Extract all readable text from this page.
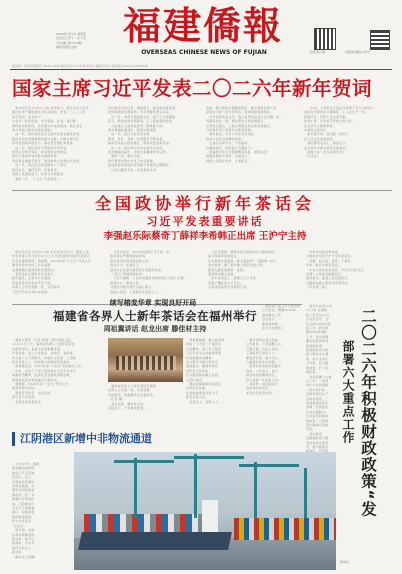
2026年1月2日 星期五
农历乙巳年十一月十四
今日8版 第7178期
福建侨报社出版	福建僑報
OVERSEAS CHINESE NEWS OF FUJIAN	侨报客户端	侨报网 微信公众号
国内统一连续出版物号 CN35-0050 邮发代号33-76 海外发行 福建日报社 新闻热线 0591-87095216
国家主席习近平发表二〇二六年新年贺词
　新华社北京12月31日电 新年前夕，国家主席习近平
通过中央广播电视总台和互联网，发表了二〇二六年
新年贺词。全文如下：
大家好！时光流转，岁序更新。此刻，我们既
满怀收获的喜悦，也充满对未来的期待。我从北京
向大家致以新年的美好祝福！
　这一年，我们的社会主义现代化事业蹄疾步稳，
经济社会发展取得新的重大成就。中国式现代化
和科技创新持续发力，高质量发展扎实推进。
　这一年，我们坚定不移推进改革开放，
经济运行稳中有进，就业物价总体稳定。
我们以更加开放的姿态拥抱世界，
同世界各国携手同行，推动构建人类命运共同体。
　这一年，我们纪念抗战胜利八十周年，
铭记历史，缅怀先烈，珍爱和平。
全国人民团结奋斗，共同书写新篇章。
　新的一年，“十五五”开局起步……
我们锚定目标任务，勇毅前行，推进高质量发展，
加快构建新发展格局，牢牢把握发展主动权。
　这一年，神舟飞船遨游太空，国产大飞机翱翔
蓝天，科技成果竞相涌现，人工智能蓬勃发展，
一大批重大工程建成投用，港珠澳大桥、
深中通道联通湾区，展现中国速度。
　这一年，我们办好民生实事，
教育、医疗、养老、托育服务不断完善，
城乡居民收入稳步增长，脱贫攻坚成果巩固。
　这一年，我们举办系列主场外交活动，
朋友圈越来越大，中国主张赢得更多认同。
　新的一年，新的出发。
我们要坚持稳中求进工作总基调，
推动经济实现质的有效提升和量的合理增长。
　让我们携起手来，共创美好未来！
香港、澳门保持长期繁荣稳定，融入国家发展大局。
祖国完全统一是大势所趋，两岸同胞血脉相亲。
　当今世界变乱交织，我们将坚定站在历史正确一边，
同国际社会一道，推动落实全球发展倡议、
全球安全倡议、全球文明倡议和全球治理倡议，
为世界和平与发展作出新的贡献。
　此时此刻，许多人仍在坚守岗位，
我向大家致以诚挚的问候！
　让我们以梦为马、不负韶华，
为强国建设、民族复兴不懈奋斗！
　祝福我们伟大的祖国繁荣昌盛、国泰民安！
祝愿世界和平美好、幸福安宁！
祝愿大家新年快乐、万事如意！
　一年来，大家用自己的奋斗诠释了平凡中的伟大。
农民在田间地头辛勤耕耘，工人在生产一线
挥洒汗水，科研人员攻坚克难，
快递小哥、外卖骑手穿梭大街小巷，
还有很多人默默奉献，
为美好生活奔忙。
　新年新气象。我们要一起努力，
让人民生活更加美好。
　我们要坚定信心，团结奋斗，
奋力谱写中国式现代化新篇章。
　谢谢大家！祝大家新年好！
（全文完）
全国政协举行新年茶话会
习近平发表重要讲话
李强赵乐际蔡奇丁薛祥李希韩正出席 王沪宁主持
　新华社北京12月31日电 中共中央总书记、国家主席
中央军委主席习近平31日上午出席全国政协新年茶话会
并发表重要讲话。他强调，2026年是“十五五”开局之年，
要坚持稳中求进工作总基调，
完整准确全面贯彻新发展理念。
　茶话会在全国政协礼堂举行。
新年临近，礼堂内灯光璀璨，
洋溢着喜庆祥和的节日气氛。
各界人士代表欢聚一堂，共迎新年。
习近平代表中共中央致辞。
　习近平指出，2025年是极不平凡的一年。
面对复杂严峻的国际环境，
我们团结带领全国各族人民，
顶住压力、迎难而上，
经济社会发展主要目标任务顺利完成，
“十四五”规划圆满收官。
　习近平强调，人民政协要坚持团结和民主两大主题，
围绕中心、服务大局，
为推进中国式现代化凝心聚力。
各民主党派、工商联和无党派人士……
　习近平强调，要坚持和发展新时代“枫桥经验”，
着力保障和改善民生，
扎实推进共同富裕。要全面贯彻“一国两制”方针，
支持香港、澳门更好融入国家发展大局。
要坚定推进祖国统一进程，
促进两岸融合发展。
　新年茶话会上，首都文艺工作者
表演了精彩的文艺节目。
全场洋溢着欢乐祥和的气氛。
　中共中央政治局常委、
全国政协主席王沪宁主持茶话会。
　李强、赵乐际、蔡奇、丁薛祥、
李希、韩正出席茶话会。
　中共中央政治局委员、中央书记处书记，
全国人大常委会副委员长，
国务委员，最高人民法院院长，
全国政协副主席等出席茶话会。
（详见第二版）
续写榕变华章 实现良好开局
福建省各界人士新年茶话会在福州举行
周祖翼讲话 赵龙出席 滕佳材主持
　福建日报讯（记者 郑璜）辞旧迎新之际，
12月31日上午，福建省各界人士新年茶话会
在福州举行。省委书记周祖翼讲话，
代表省委、省人大常委会、省政府、省政协，
向全省广大干部群众，向各民主党派、工商联
和无党派人士，向驻闽人民解放军指战员……
　周祖翼指出，2025年是“十四五”规划收官之年。
一年来，全省上下深入贯彻落实习近平总书记
重要讲话精神，经济社会发展取得新成效，
福建高质量发展超越迈出新步伐。
　他强调，2026年是“十五五”开局之年，
要坚持稳中求进……
　新春佳节将至，全省各地……
茶话会气氛热烈。
　省领导出席茶话会。
　福建省各界人士新年茶话会现场。
各界人士齐聚一堂，共话发展、
共迎新年。周祖翼代表省委讲话。
（记者 摄）
　赵龙出席，滕佳材主持。
茶话会上，大家畅谈发展……
　周祖翼强调，要全面贯彻
党的二十大和二十届历次
全会精神，深入学习贯彻
习近平总书记在福建考察
时的重要讲话精神，
奋力谱写中国式现代化
福建篇章。要加快建设
现代化产业体系，
扎实推进两岸融合发展
示范区建设。
　要持续保障和改善民生，
办好民生实事，
让发展成果更多更公平
惠及全体人民。
　茶话会上，各界人士……
　要坚持和完善大统战
工作格局，广泛凝聚人心、
汇聚力量。各民主党派、
工商联和无党派人士
要发挥优势、献计出力，
为福建发展作出贡献。
　茶话会在欢快的氛围中
结束。大家表示，将以
更加昂扬的精神状态，
投入到新一年的奋斗中。
　省领导，省法院院长、
省检察院检察长，
老同志代表等出席。
　财政部日前召开全国财政
工作会议，明确2026年
财政重点工作。
会议指出……
要更加积极……
加大支出强度。
　新华社北京12月
31日电 全国财
政工作会议12月
日在京召开，会
议总结2025年财
政工作，研究部
署2026年财政
工作。会议强调
要实施更加积极
的财政政策，
提高财政赤字率，
加大财政支出强
度，加力支持扩
大内需，着力提
振消费、扩大有
效投资。
　会议部署六大重
点工作：一是坚
持扩大内需战略
二是支持科技
创新和现代化产
业体系建设；三
是加强基本民生
保障；四是推进
乡村全面振兴；
五是深化财税体
制改革；六是防
范化解重点领域
风险。
　会议要求，
各级财政部门要
坚持党的全面领
导，提升财政治
二〇二六年积极财政政策“发
部署六大重点工作
江阴港区新增中非物流通道
　12月29日，满载
集装箱的货轮停
靠在江苏江阴港
区码头。近日，
江阴港区新增中
非物流通道，开
通至非洲的集装
箱航线，进一步
畅通中非贸易往
来。江阴港区作
为长江下游重要
港口，持续拓展
国际航线网络，
助力外贸企业
“走出去”。
　据介绍，该航
线将有效降低物
流成本，提升运
输效率，为中非
经贸合作注入
新动能。
（新华社记者摄）
新华社
